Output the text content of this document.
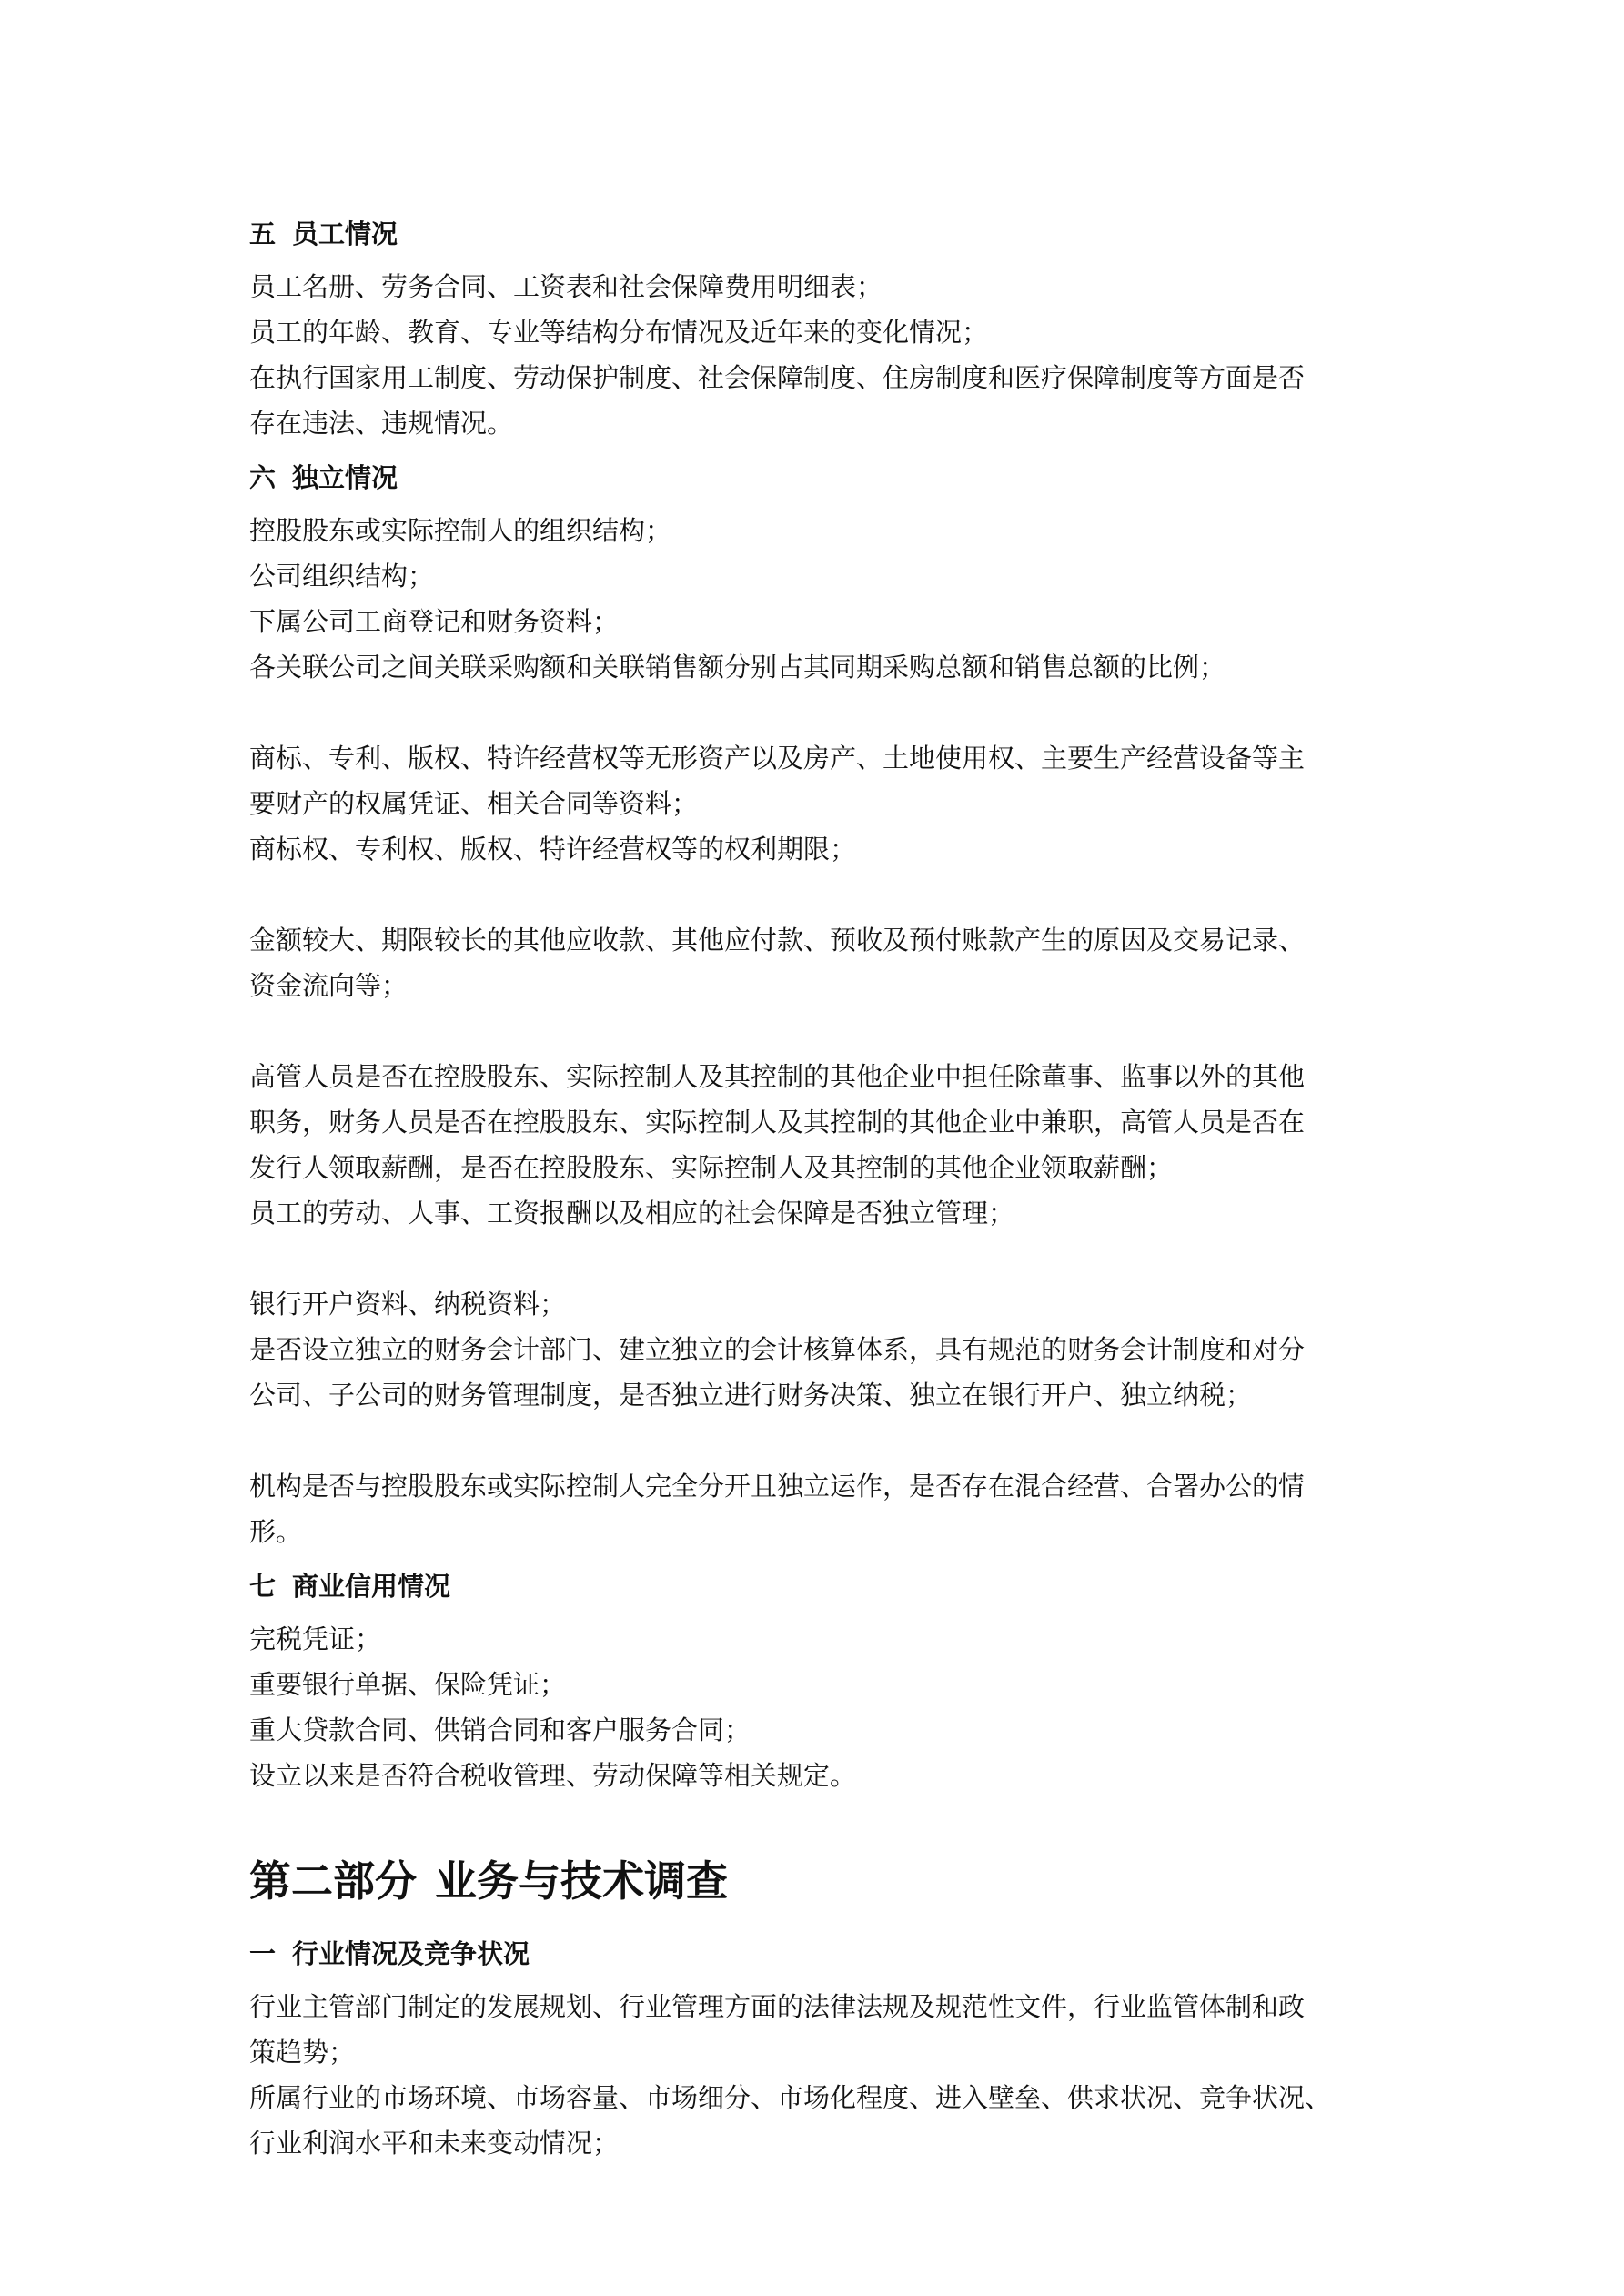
五 员工情况
员工名册、劳务合同、工资表和社会保障费用明细表；
员工的年龄、教育、专业等结构分布情况及近年来的变化情况；
在执行国家用工制度、劳动保护制度、社会保障制度、住房制度和医疗保障制度等方面是否
存在违法、违规情况。
六 独立情况
控股股东或实际控制人的组织结构；
公司组织结构；
下属公司工商登记和财务资料；
各关联公司之间关联采购额和关联销售额分别占其同期采购总额和销售总额的比例；
商标、专利、版权、特许经营权等无形资产以及房产、土地使用权、主要生产经营设备等主
要财产的权属凭证、相关合同等资料；
商标权、专利权、版权、特许经营权等的权利期限；
金额较大、期限较长的其他应收款、其他应付款、预收及预付账款产生的原因及交易记录、
资金流向等；
高管人员是否在控股股东、实际控制人及其控制的其他企业中担任除董事、监事以外的其他
职务，财务人员是否在控股股东、实际控制人及其控制的其他企业中兼职，高管人员是否在
发行人领取薪酬，是否在控股股东、实际控制人及其控制的其他企业领取薪酬；
员工的劳动、人事、工资报酬以及相应的社会保障是否独立管理；
银行开户资料、纳税资料；
是否设立独立的财务会计部门、建立独立的会计核算体系，具有规范的财务会计制度和对分
公司、子公司的财务管理制度，是否独立进行财务决策、独立在银行开户、独立纳税；
机构是否与控股股东或实际控制人完全分开且独立运作，是否存在混合经营、合署办公的情
形。
七 商业信用情况
完税凭证；
重要银行单据、保险凭证；
重大贷款合同、供销合同和客户服务合同；
设立以来是否符合税收管理、劳动保障等相关规定。
第二部分 业务与技术调查
一 行业情况及竞争状况
行业主管部门制定的发展规划、行业管理方面的法律法规及规范性文件，行业监管体制和政
策趋势；
所属行业的市场环境、市场容量、市场细分、市场化程度、进入壁垒、供求状况、竞争状况、
行业利润水平和未来变动情况；
